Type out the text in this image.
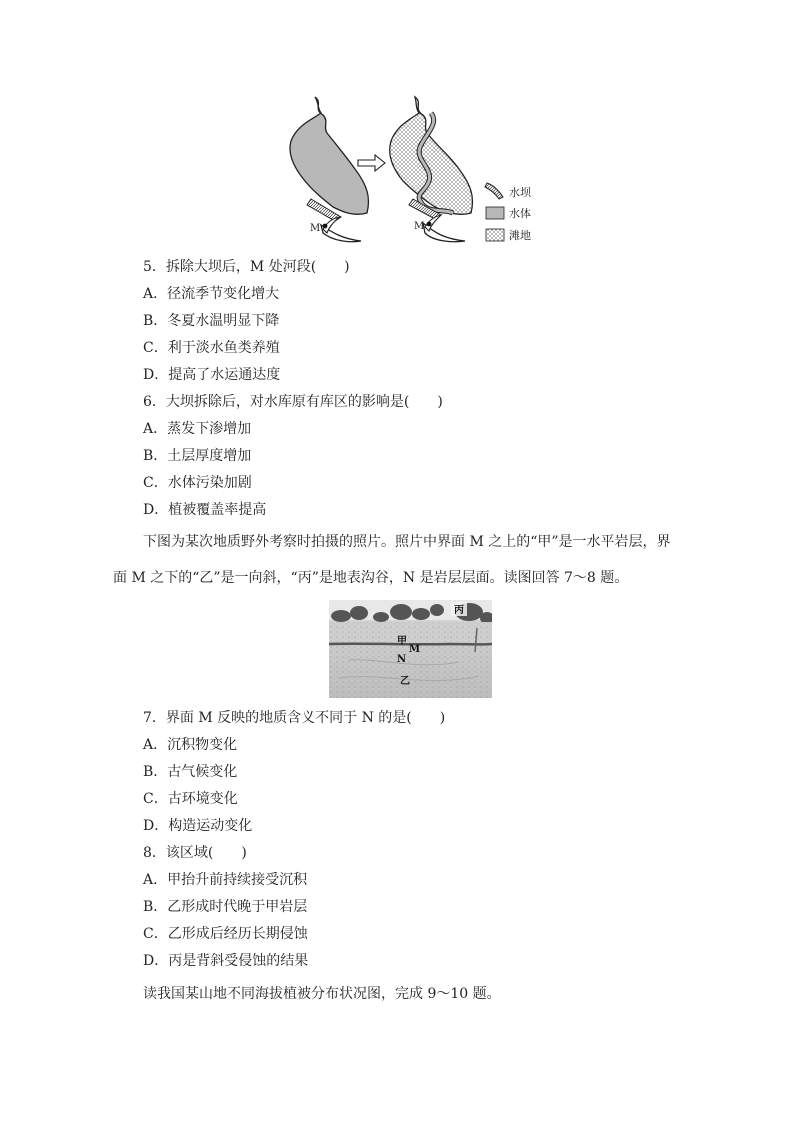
M	M
水坝
水体
滩地
5．拆除大坝后，M 处河段(　　)
A．径流季节变化增大
B．冬夏水温明显下降
C．利于淡水鱼类养殖
D．提高了水运通达度
6．大坝拆除后，对水库原有库区的影响是(　　)
A．蒸发下渗增加
B．土层厚度增加
C．水体污染加剧
D．植被覆盖率提高
下图为某次地质野外考察时拍摄的照片。照片中界面 M 之上的“甲”是一水平岩层，界
面 M 之下的“乙”是一向斜，“丙”是地表沟谷，N 是岩层层面。读图回答 7～8 题。
丙
甲
M
N
乙
7．界面 M 反映的地质含义不同于 N 的是(　　)
A．沉积物变化
B．古气候变化
C．古环境变化
D．构造运动变化
8．该区域(　　)
A．甲抬升前持续接受沉积
B．乙形成时代晚于甲岩层
C．乙形成后经历长期侵蚀
D．丙是背斜受侵蚀的结果
读我国某山地不同海拔植被分布状况图，完成 9～10 题。
